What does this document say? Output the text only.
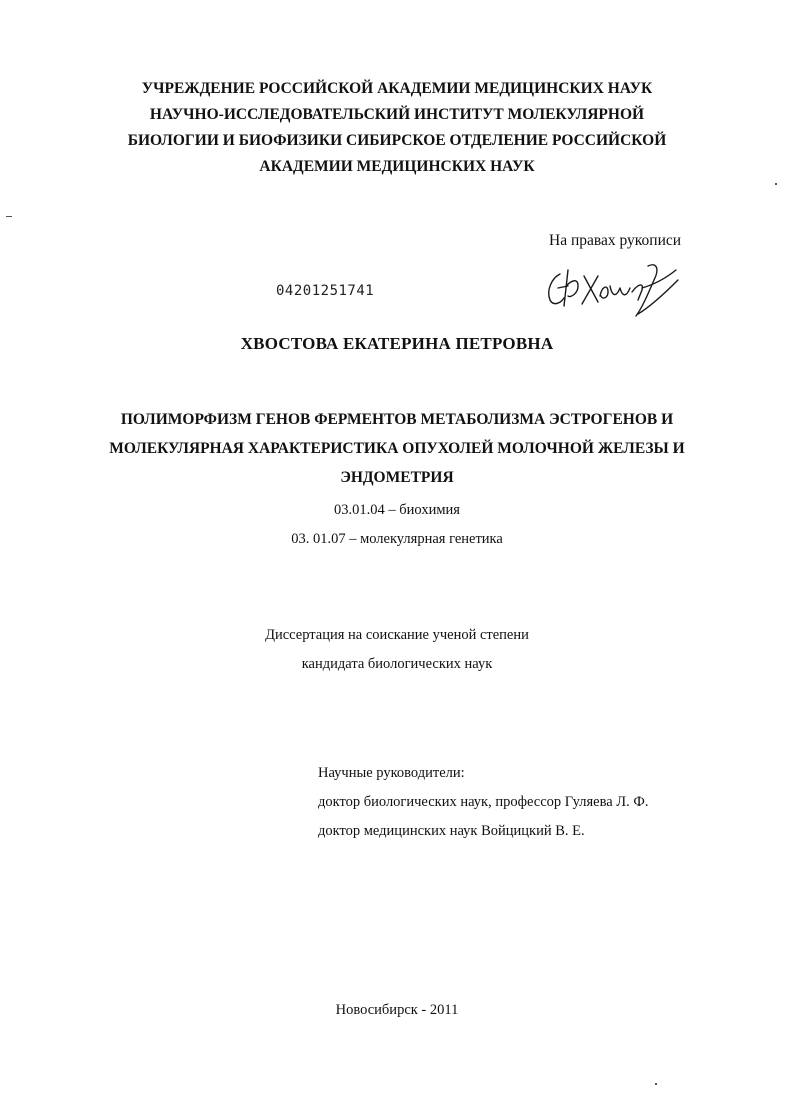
УЧРЕЖДЕНИЕ РОССИЙСКОЙ АКАДЕМИИ МЕДИЦИНСКИХ НАУК
НАУЧНО-ИССЛЕДОВАТЕЛЬСКИЙ ИНСТИТУТ МОЛЕКУЛЯРНОЙ
БИОЛОГИИ И БИОФИЗИКИ СИБИРСКОЕ ОТДЕЛЕНИЕ РОССИЙСКОЙ
АКАДЕМИИ МЕДИЦИНСКИХ НАУК
На правах рукописи
04201251741
ХВОСТОВА ЕКАТЕРИНА ПЕТРОВНА
ПОЛИМОРФИЗМ ГЕНОВ ФЕРМЕНТОВ МЕТАБОЛИЗМА ЭСТРОГЕНОВ И
МОЛЕКУЛЯРНАЯ ХАРАКТЕРИСТИКА ОПУХОЛЕЙ МОЛОЧНОЙ ЖЕЛЕЗЫ И
ЭНДОМЕТРИЯ
03.01.04 – биохимия
03. 01.07 – молекулярная генетика
Диссертация на соискание ученой степени
кандидата биологических наук
Научные руководители:
доктор биологических наук, профессор Гуляева Л. Ф.
доктор медицинских наук Войцицкий В. Е.
Новосибирск - 2011
